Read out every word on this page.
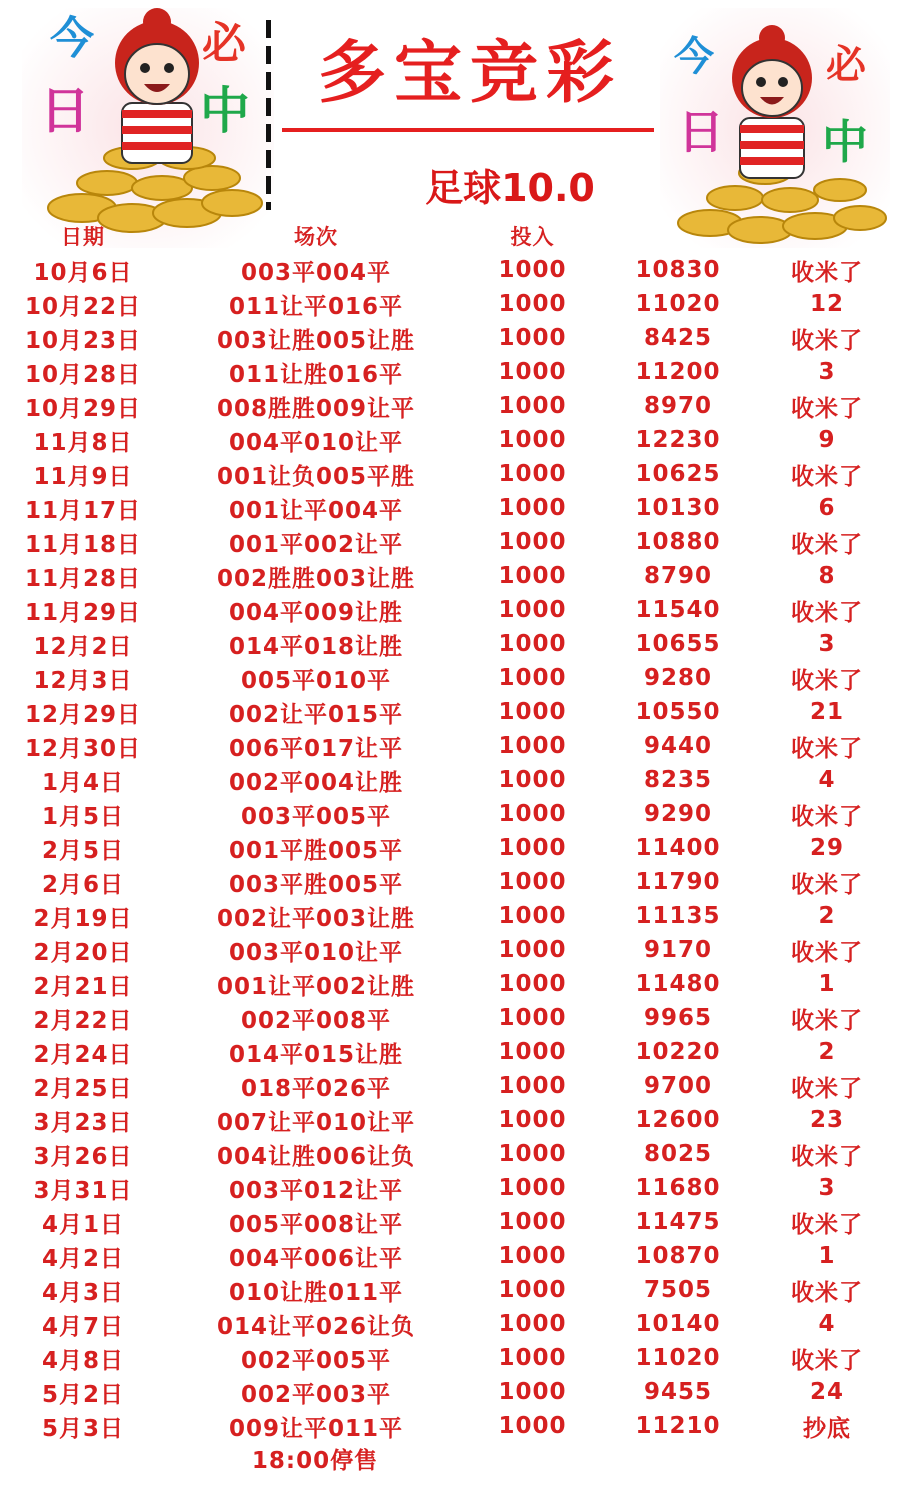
今
日
必
中 多宝竞彩
足球10.0
今
日
必
中
日期	场次	投入
10月6日	003平004平	1000	10830	收米了
10月22日	011让平016平	1000	11020	12
10月23日	003让胜005让胜	1000	8425	收米了
10月28日	011让胜016平	1000	11200	3
10月29日	008胜胜009让平	1000	8970	收米了
11月8日	004平010让平	1000	12230	9
11月9日	001让负005平胜	1000	10625	收米了
11月17日	001让平004平	1000	10130	6
11月18日	001平002让平	1000	10880	收米了
11月28日	002胜胜003让胜	1000	8790	8
11月29日	004平009让胜	1000	11540	收米了
12月2日	014平018让胜	1000	10655	3
12月3日	005平010平	1000	9280	收米了
12月29日	002让平015平	1000	10550	21
12月30日	006平017让平	1000	9440	收米了
1月4日	002平004让胜	1000	8235	4
1月5日	003平005平	1000	9290	收米了
2月5日	001平胜005平	1000	11400	29
2月6日	003平胜005平	1000	11790	收米了
2月19日	002让平003让胜	1000	11135	2
2月20日	003平010让平	1000	9170	收米了
2月21日	001让平002让胜	1000	11480	1
2月22日	002平008平	1000	9965	收米了
2月24日	014平015让胜	1000	10220	2
2月25日	018平026平	1000	9700	收米了
3月23日	007让平010让平	1000	12600	23
3月26日	004让胜006让负	1000	8025	收米了
3月31日	003平012让平	1000	11680	3
4月1日	005平008让平	1000	11475	收米了
4月2日	004平006让平	1000	10870	1
4月3日	010让胜011平	1000	7505	收米了
4月7日	014让平026让负	1000	10140	4
4月8日	002平005平	1000	11020	收米了
5月2日	002平003平	1000	9455	24
5月3日	009让平011平	1000	11210	抄底
18:00停售
